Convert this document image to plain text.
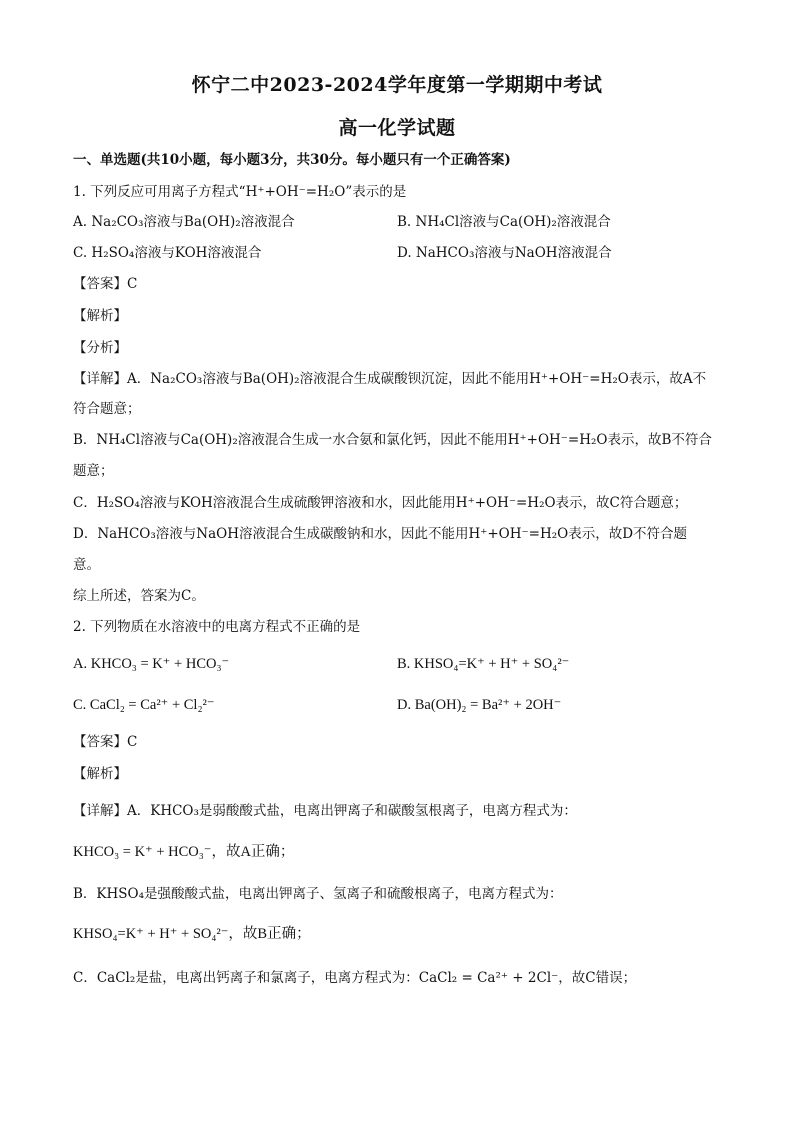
怀宁二中2023-2024学年度第一学期期中考试
高一化学试题
一、单选题(共10小题，每小题3分，共30分。每小题只有一个正确答案)
1. 下列反应可用离子方程式“H⁺+OH⁻=H₂O”表示的是
A. Na₂CO₃溶液与Ba(OH)₂溶液混合	B. NH₄Cl溶液与Ca(OH)₂溶液混合
C. H₂SO₄溶液与KOH溶液混合	D. NaHCO₃溶液与NaOH溶液混合
【答案】C
【解析】
【分析】
【详解】A．Na₂CO₃溶液与Ba(OH)₂溶液混合生成碳酸钡沉淀，因此不能用H⁺+OH⁻=H₂O表示，故A不
符合题意；
B．NH₄Cl溶液与Ca(OH)₂溶液混合生成一水合氨和氯化钙，因此不能用H⁺+OH⁻=H₂O表示，故B不符合
题意；
C．H₂SO₄溶液与KOH溶液混合生成硫酸钾溶液和水，因此能用H⁺+OH⁻=H₂O表示，故C符合题意；
D．NaHCO₃溶液与NaOH溶液混合生成碳酸钠和水，因此不能用H⁺+OH⁻=H₂O表示，故D不符合题
意。
综上所述，答案为C。
2. 下列物质在水溶液中的电离方程式不正确的是
A. KHCO₃ = K⁺ + HCO₃⁻	B. KHSO₄=K⁺ + H⁺ + SO₄²⁻
C. CaCl₂ = Ca²⁺ + Cl₂²⁻	D. Ba(OH)₂ = Ba²⁺ + 2OH⁻
【答案】C
【解析】
【详解】A．KHCO₃是弱酸酸式盐，电离出钾离子和碳酸氢根离子，电离方程式为：
KHCO₃ = K⁺ + HCO₃⁻，故A正确；
B．KHSO₄是强酸酸式盐，电离出钾离子、氢离子和硫酸根离子，电离方程式为：
KHSO₄=K⁺ + H⁺ + SO₄²⁻，故B正确；
C．CaCl₂是盐，电离出钙离子和氯离子，电离方程式为：CaCl₂ = Ca²⁺ + 2Cl⁻，故C错误；
